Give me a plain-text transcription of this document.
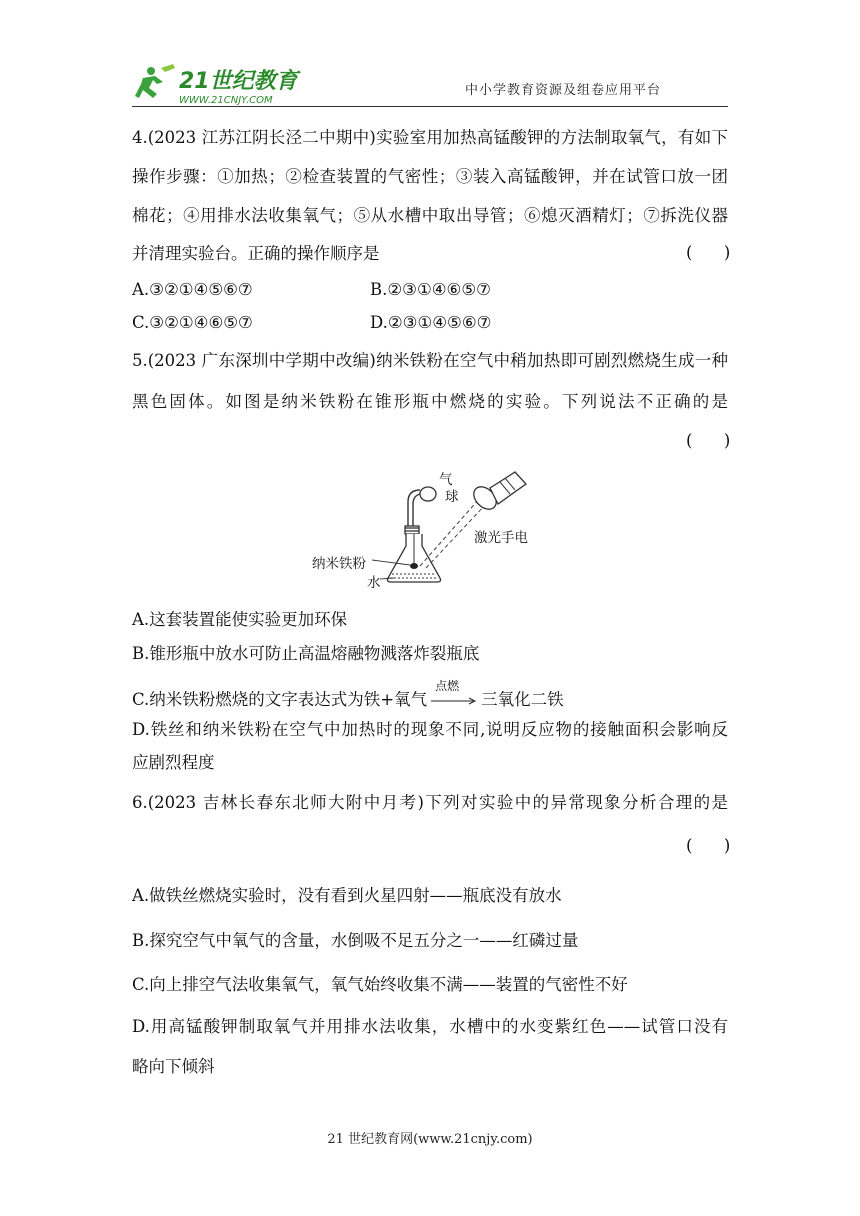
21世纪教育
WWW.21CNJY.COM
中小学教育资源及组卷应用平台
4.(2023 江苏江阴长泾二中期中)实验室用加热高锰酸钾的方法制取氧气，有如下
操作步骤：①加热；②检查装置的气密性；③装入高锰酸钾，并在试管口放一团
棉花；④用排水法收集氧气；⑤从水槽中取出导管；⑥熄灭酒精灯；⑦拆洗仪器
并清理实验台。正确的操作顺序是	(      )
A.③②①④⑤⑥⑦	B.②③①④⑥⑤⑦
C.③②①④⑥⑤⑦	D.②③①④⑤⑥⑦
5.(2023 广东深圳中学期中改编)纳米铁粉在空气中稍加热即可剧烈燃烧生成一种
黑色固体。如图是纳米铁粉在锥形瓶中燃烧的实验。下列说法不正确的是
(      )
气
球
激光手电
纳米铁粉
水
A.这套装置能使实验更加环保
B.锥形瓶中放水可防止高温熔融物溅落炸裂瓶底
C.纳米铁粉燃烧的文字表达式为铁+氧气
点燃
三氧化二铁
D.铁丝和纳米铁粉在空气中加热时的现象不同,说明反应物的接触面积会影响反
应剧烈程度
6.(2023 吉林长春东北师大附中月考)下列对实验中的异常现象分析合理的是
(      )
A.做铁丝燃烧实验时，没有看到火星四射——瓶底没有放水
B.探究空气中氧气的含量，水倒吸不足五分之一——红磷过量
C.向上排空气法收集氧气，氧气始终收集不满——装置的气密性不好
D.用高锰酸钾制取氧气并用排水法收集，水槽中的水变紫红色——试管口没有
略向下倾斜
21 世纪教育网(www.21cnjy.com)
